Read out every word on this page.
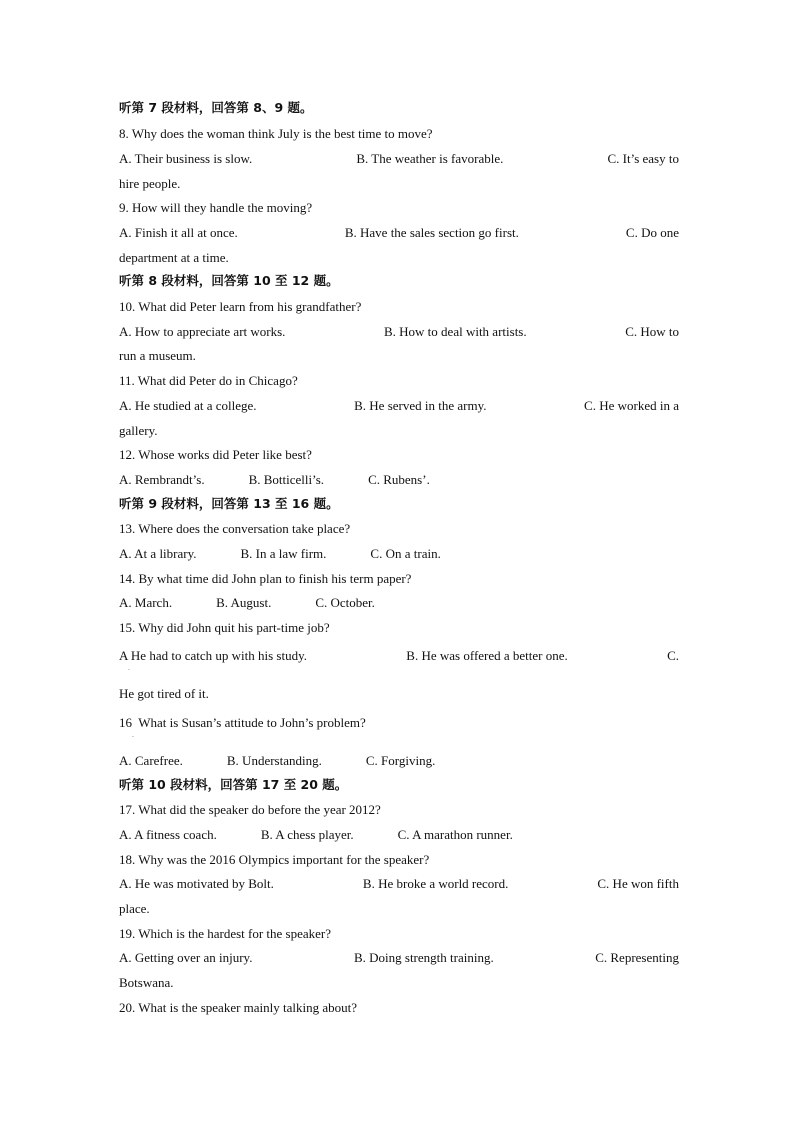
听第 7 段材料，回答第 8、9 题。
8. Why does the woman think July is the best time to move?
A. Their business is slow.	B. The weather is favorable.	C. It’s easy to
hire people.
9. How will they handle the moving?
A. Finish it all at once.	B. Have the sales section go first.	C. Do one
department at a time.
听第 8 段材料，回答第 10 至 12 题。
10. What did Peter learn from his grandfather?
A. How to appreciate art works.	B. How to deal with artists.	C. How to
run a museum.
11. What did Peter do in Chicago?
A. He studied at a college.	B. He served in the army.	C. He worked in a
gallery.
12. Whose works did Peter like best?
A. Rembrandt’s.	B. Botticelli’s.	C. Rubens’.
听第 9 段材料，回答第 13 至 16 题。
13. Where does the conversation take place?
A. At a library.	B. In a law firm.	C. On a train.
14. By what time did John plan to finish his term paper?
A. March.	B. August.	C. October.
15. Why did John quit his part-time job?
A He had to catch up with his study.	B. He was offered a better one.	C.
·
He got tired of it.
16  What is Susan’s attitude to John’s problem?
·
A. Carefree.	B. Understanding.	C. Forgiving.
听第 10 段材料，回答第 17 至 20 题。
17. What did the speaker do before the year 2012?
A. A fitness coach.	B. A chess player.	C. A marathon runner.
18. Why was the 2016 Olympics important for the speaker?
A. He was motivated by Bolt.	B. He broke a world record.	C. He won fifth
place.
19. Which is the hardest for the speaker?
A. Getting over an injury.	B. Doing strength training.	C. Representing
Botswana.
20. What is the speaker mainly talking about?
